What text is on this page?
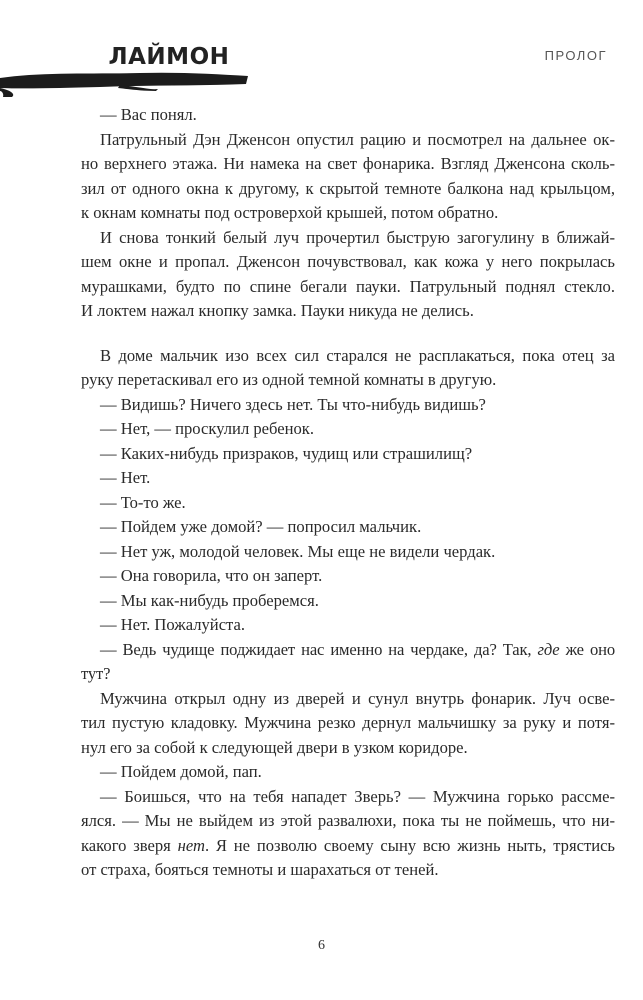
РИЧАРД ЛАЙМОН	ПРОЛОГ

— Вас понял.

Патрульный Дэн Дженсон опустил рацию и посмотрел на дальнее ок-
но верхнего этажа. Ни намека на свет фонарика. Взгляд Дженсона сколь-
зил от одного окна к другому, к скрытой темноте балкона над крыльцом,

к окнам комнаты под островерхой крышей, потом обратно.

И снова тонкий белый луч прочертил быструю загогулину в ближай-
шем окне и пропал. Дженсон почувствовал, как кожа у него покрылась
мурашками, будто по спине бегали пауки. Патрульный поднял стекло.

И локтем нажал кнопку замка. Пауки никуда не делись.

В доме мальчик изо всех сил старался не расплакаться, пока отец за

руку перетаскивал его из одной темной комнаты в другую.

— Видишь? Ничего здесь нет. Ты что-нибудь видишь?

— Нет, — проскулил ребенок.

— Каких-нибудь призраков, чудищ или страшилищ?

— Нет.

— То-то же.

— Пойдем уже домой? — попросил мальчик.

— Нет уж, молодой человек. Мы еще не видели чердак.

— Она говорила, что он заперт.

— Мы как-нибудь проберемся.

— Нет. Пожалуйста.

— Ведь чудище поджидает нас именно на чердаке, да? Так, где же оно тут?

Мужчина открыл одну из дверей и сунул внутрь фонарик. Луч осве-
тил пустую кладовку. Мужчина резко дернул мальчишку за руку и потя-

нул его за собой к следующей двери в узком коридоре.

— Пойдем домой, пап.

— Боишься, что на тебя нападет Зверь? — Мужчина горько рассме-
ялся. — Мы не выйдем из этой развалюхи, пока ты не поймешь, что ни-

какого зверя нет. Я не позволю своему сыну всю жизнь ныть, трястись

от страха, бояться темноты и шарахаться от теней.

6
